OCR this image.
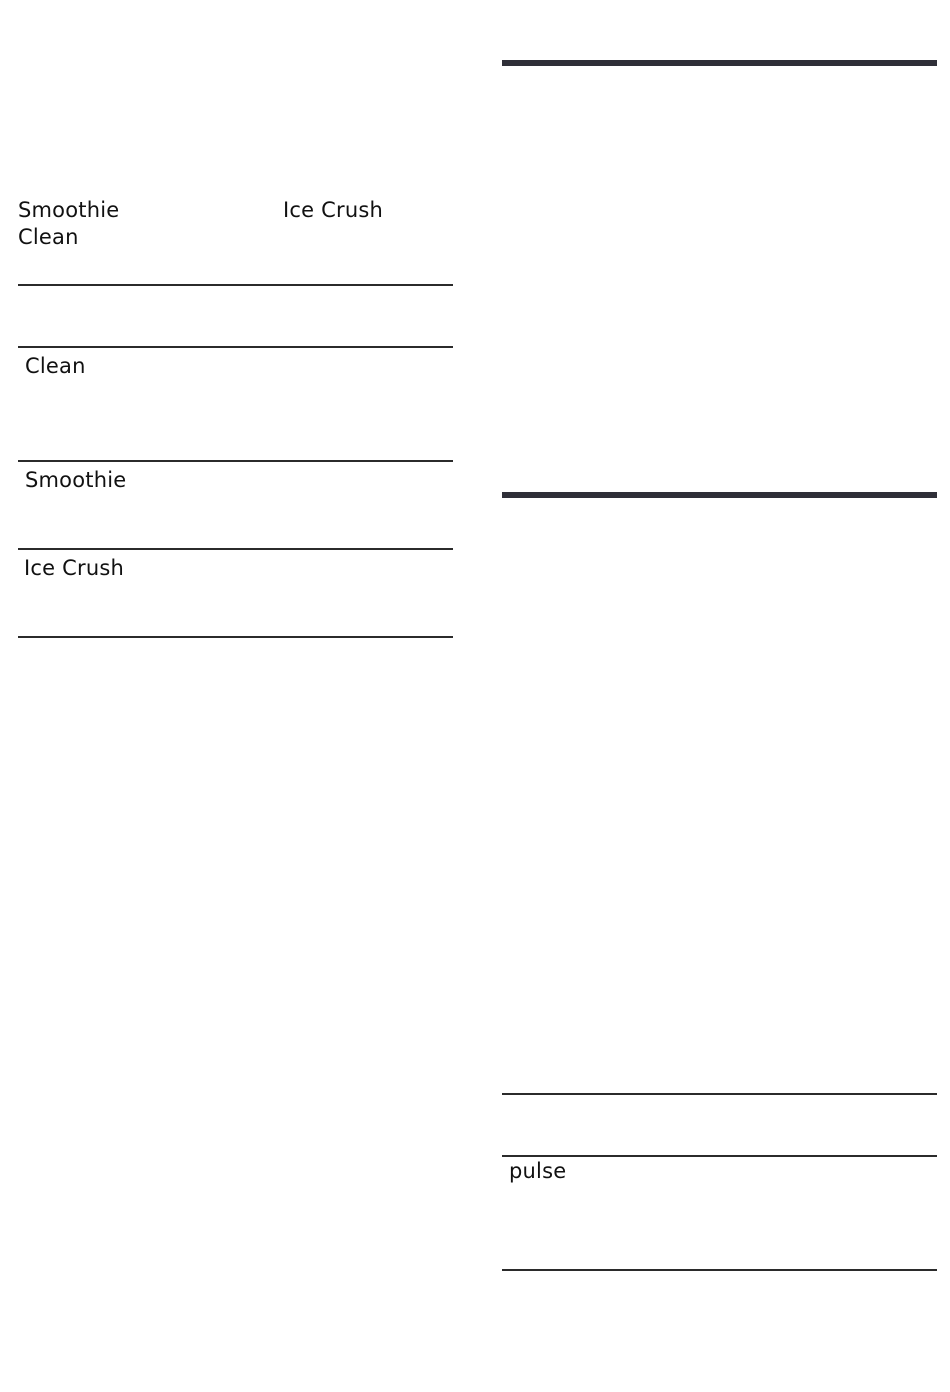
Smoothie	Ice Crush
Clean
Clean
Smoothie
Ice Crush
pulse
